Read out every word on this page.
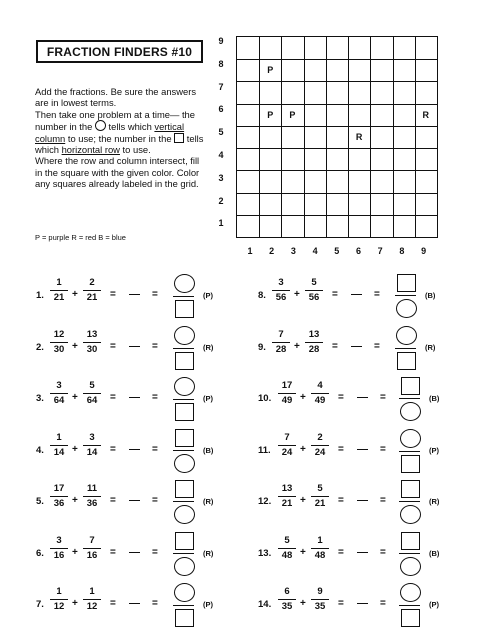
FRACTION FINDERS #10

Add the fractions. Be sure the answers are in lowest terms.

Then take one problem at a time— the number in the  tells which vertical column to use; the number in the  tells which horizontal row to use.

Where the row and column intersect, fill in the square with the given color. Color any squares already labeled in the grid.

P = purple R = red B = blue
P
P	P	R
R
9
8
7
6
5
4
3
2
1
1	2	3	4	5	6	7	8	9
1.
1
21 +
2
21	=	=	(P)
2.
12
30 +
13
30	=	=	(R)
3.
3
64 +
5
64	=	=	(P)
4.
1
14 +
3
14	=	=	(B)
5.
17
36 +
11
36	=	=	(R)
6.
3
16 +
7
16	=	=	(R)
7.
1
12 +
1
12	=	=	(P)
8.
3
56 +
5
56	=	=	(B)
9.
7
28 +
13
28	=	=	(R)
10.
17
49 +
4
49	=	=	(B)
11.
7
24 +
2
24	=	=	(P)
12.
13
21 +
5
21	=	=	(R)
13.
5
48 +
1
48	=	=	(B)
14.
6
35 +
9
35	=	=	(P)
